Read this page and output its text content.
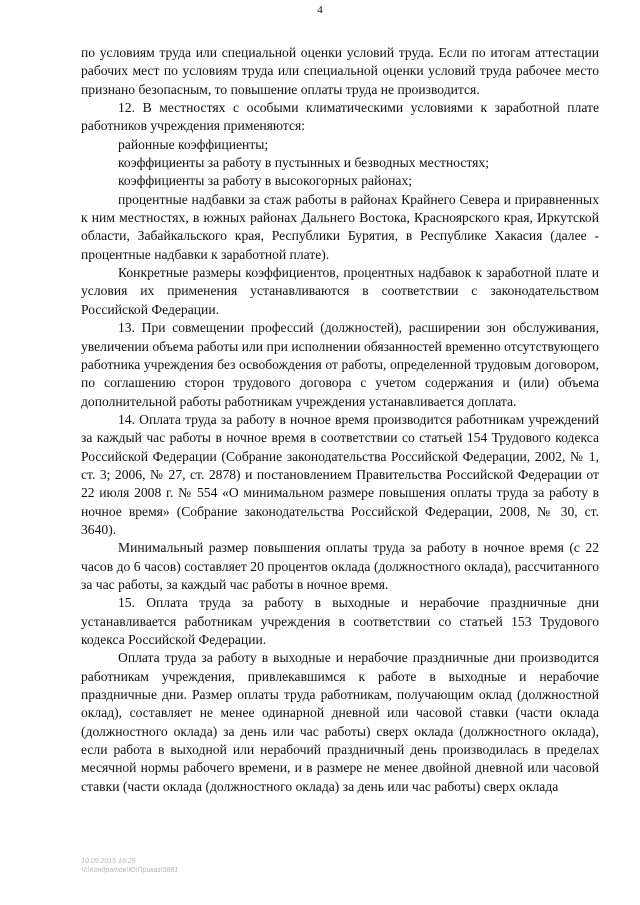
4

по условиям труда или специальной оценки условий труда. Если по итогам аттестации рабочих мест по условиям труда или специальной оценки условий труда рабочее место признано безопасным, то повышение оплаты труда не производится.

12. В местностях с особыми климатическими условиями к заработной плате работников учреждения применяются:

районные коэффициенты;

коэффициенты за работу в пустынных и безводных местностях;

коэффициенты за работу в высокогорных районах;

процентные надбавки за стаж работы в районах Крайнего Севера и приравненных к ним местностях, в южных районах Дальнего Востока, Красноярского края, Иркутской области, Забайкальского края, Республики Бурятия, в Республике Хакасия (далее - процентные надбавки к заработной плате).

Конкретные размеры коэффициентов, процентных надбавок к заработной плате и условия их применения устанавливаются в соответствии с законодательством Российской Федерации.

13. При совмещении профессий (должностей), расширении зон обслуживания, увеличении объема работы или при исполнении обязанностей временно отсутствующего работника учреждения без освобождения от работы, определенной трудовым договором, по соглашению сторон трудового договора с учетом содержания и (или) объема дополнительной работы работникам учреждения устанавливается доплата.

14. Оплата труда за работу в ночное время производится работникам учреждений за каждый час работы в ночное время в соответствии со статьей 154 Трудового кодекса Российской Федерации (Собрание законодательства Российской Федерации, 2002, № 1, ст. 3; 2006, № 27, ст. 2878) и постановлением Правительства Российской Федерации от 22 июля 2008 г. № 554 «О минимальном размере повышения оплаты труда за работу в ночное время» (Собрание законодательства Российской Федерации, 2008, № 30, ст. 3640).

Минимальный размер повышения оплаты труда за работу в ночное время (с 22 часов до 6 часов) составляет 20 процентов оклада (должностного оклада), рассчитанного за час работы, за каждый час работы в ночное время.

15. Оплата труда за работу в выходные и нерабочие праздничные дни устанавливается работникам учреждения в соответствии со статьей 153 Трудового кодекса Российской Федерации.

Оплата труда за работу в выходные и нерабочие праздничные дни производится работникам учреждения, привлекавшимся к работе в выходные и нерабочие праздничные дни. Размер оплаты труда работникам, получающим оклад (должностной оклад), составляет не менее одинарной дневной или часовой ставки (части оклада (должностного оклада) за день или час работы) сверх оклада (должностного оклада), если работа в выходной или нерабочий праздничный день производилась в пределах месячной нормы рабочего времени, и в размере не менее двойной дневной или часовой ставки (части оклада (должностного оклада) за день или час работы) сверх оклада

10.09.2015 16:29
Ч:\Кондратов\Ю\Приказ\5881
